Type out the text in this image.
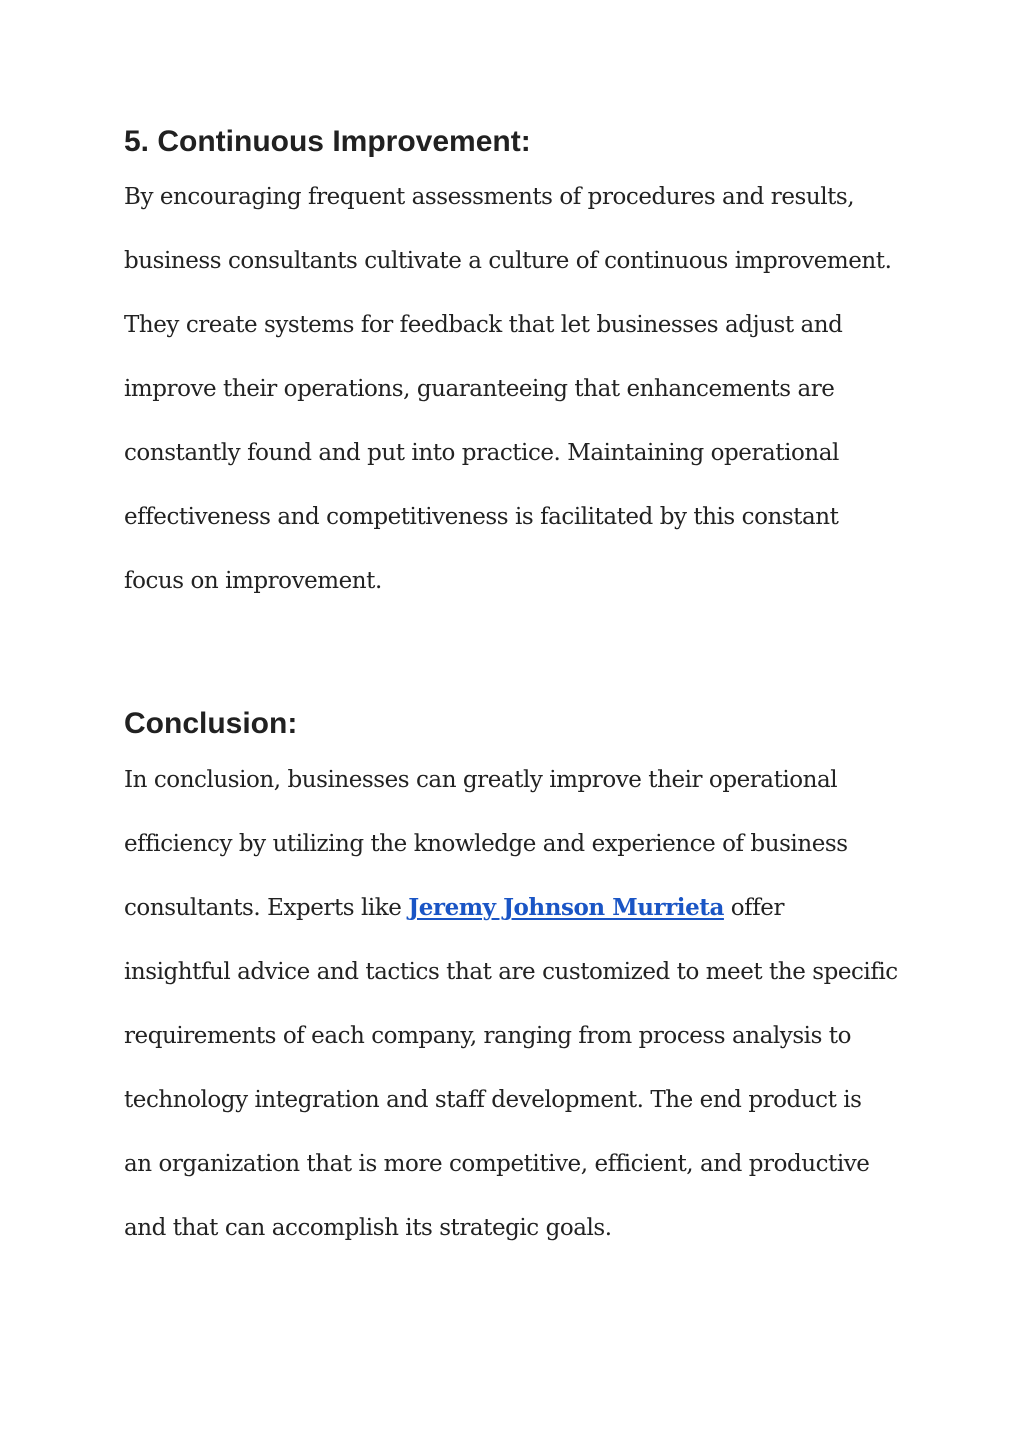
5. Continuous Improvement:
By encouraging frequent assessments of procedures and results,
business consultants cultivate a culture of continuous improvement.
They create systems for feedback that let businesses adjust and
improve their operations, guaranteeing that enhancements are
constantly found and put into practice. Maintaining operational
effectiveness and competitiveness is facilitated by this constant
focus on improvement.
Conclusion:
In conclusion, businesses can greatly improve their operational
efficiency by utilizing the knowledge and experience of business
consultants. Experts like Jeremy Johnson Murrieta offer
insightful advice and tactics that are customized to meet the specific
requirements of each company, ranging from process analysis to
technology integration and staff development. The end product is
an organization that is more competitive, efficient, and productive
and that can accomplish its strategic goals.
